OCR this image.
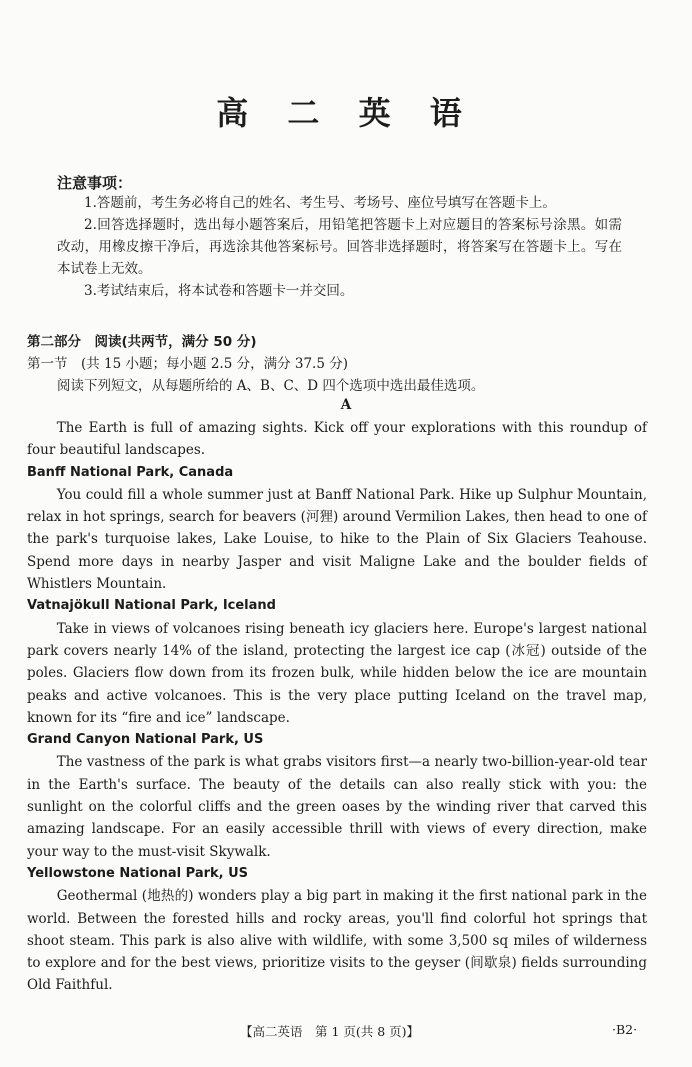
高 二 英 语
注意事项：

1.答题前，考生务必将自己的姓名、考生号、考场号、座位号填写在答题卡上。

2.回答选择题时，选出每小题答案后，用铅笔把答题卡上对应题目的答案标号涂黑。如需改动，用橡皮擦干净后，再选涂其他答案标号。回答非选择题时，将答案写在答题卡上。写在本试卷上无效。

3.考试结束后，将本试卷和答题卡一并交回。

第二部分　阅读(共两节，满分 50 分)
第一节　(共 15 小题；每小题 2.5 分，满分 37.5 分)
阅读下列短文，从每题所给的 A、B、C、D 四个选项中选出最佳选项。
A

The Earth is full of amazing sights. Kick off your explorations with this roundup of four beautiful landscapes.

Banff National Park, Canada

You could fill a whole summer just at Banff National Park. Hike up Sulphur Mountain, relax in hot springs, search for beavers (河狸) around Vermilion Lakes, then head to one of the park's turquoise lakes, Lake Louise, to hike to the Plain of Six Glaciers Teahouse. Spend more days in nearby Jasper and visit Maligne Lake and the boulder fields of Whistlers Mountain.

Vatnajökull National Park, Iceland

Take in views of volcanoes rising beneath icy glaciers here. Europe's largest national park covers nearly 14% of the island, protecting the largest ice cap (冰冠) outside of the poles. Glaciers flow down from its frozen bulk, while hidden below the ice are mountain peaks and active volcanoes. This is the very place putting Iceland on the travel map, known for its “fire and ice” landscape.

Grand Canyon National Park, US

The vastness of the park is what grabs visitors first—a nearly two-billion-year-old tear in the Earth's surface. The beauty of the details can also really stick with you: the sunlight on the colorful cliffs and the green oases by the winding river that carved this amazing landscape. For an easily accessible thrill with views of every direction, make your way to the must-visit Skywalk.

Yellowstone National Park, US

Geothermal (地热的) wonders play a big part in making it the first national park in the world. Between the forested hills and rocky areas, you'll find colorful hot springs that shoot steam. This park is also alive with wildlife, with some 3,500 sq miles of wilderness to explore and for the best views, prioritize visits to the geyser (间歇泉) fields surrounding Old Faithful.

【高二英语　第 1 页(共 8 页)】	·B2·
